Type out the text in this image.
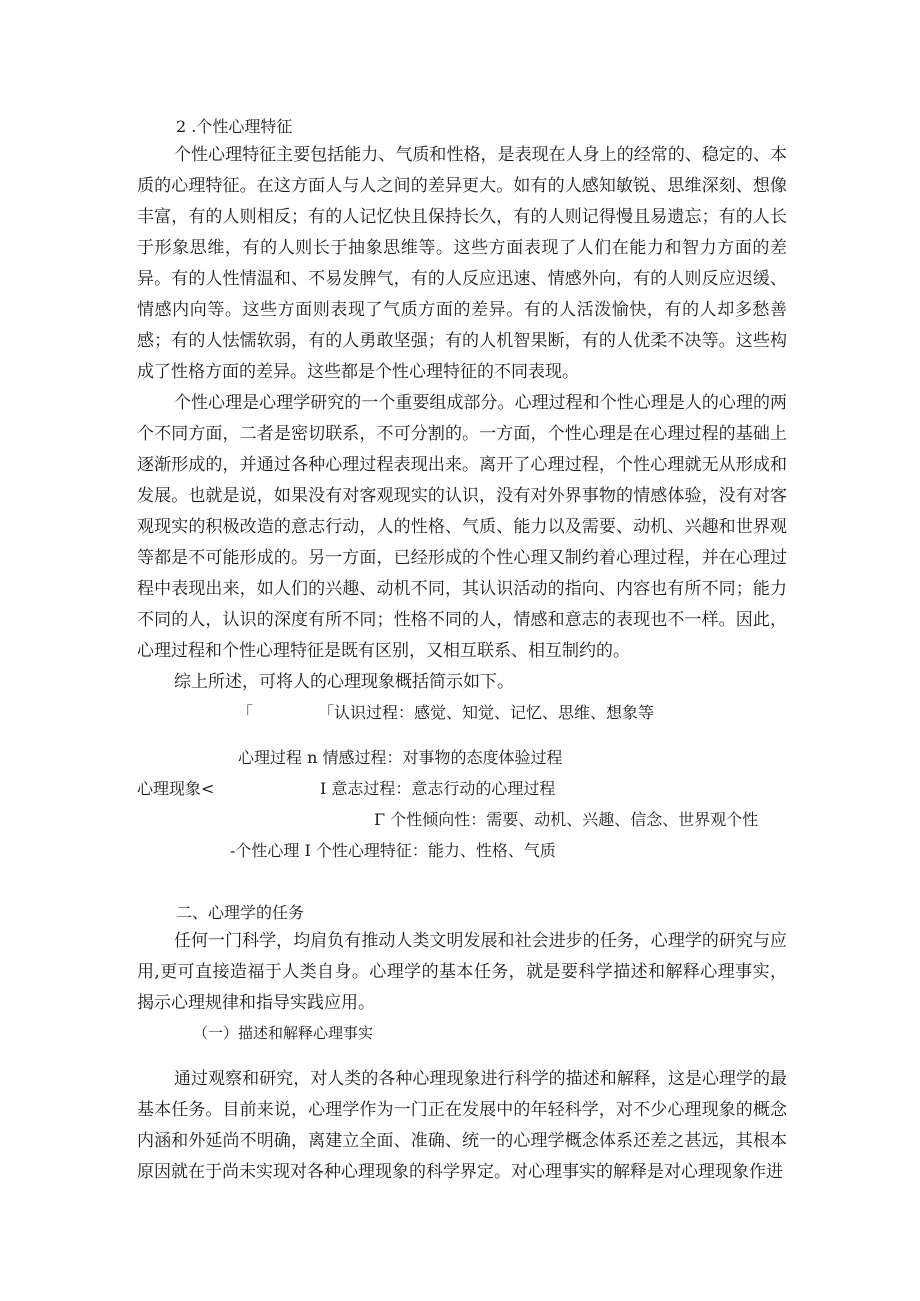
2 .个性心理特征

个性心理特征主要包括能力、气质和性格，是表现在人身上的经常的、稳定的、本质的心理特征。在这方面人与人之间的差异更大。如有的人感知敏锐、思维深刻、想像丰富，有的人则相反；有的人记忆快且保持长久，有的人则记得慢且易遗忘；有的人长于形象思维，有的人则长于抽象思维等。这些方面表现了人们在能力和智力方面的差异。有的人性情温和、不易发脾气，有的人反应迅速、情感外向，有的人则反应迟缓、情感内向等。这些方面则表现了气质方面的差异。有的人活泼愉快，有的人却多愁善感；有的人怯懦软弱，有的人勇敢坚强；有的人机智果断，有的人优柔不决等。这些构成了性格方面的差异。这些都是个性心理特征的不同表现。

个性心理是心理学研究的一个重要组成部分。心理过程和个性心理是人的心理的两个不同方面，二者是密切联系，不可分割的。一方面，个性心理是在心理过程的基础上逐渐形成的，并通过各种心理过程表现出来。离开了心理过程，个性心理就无从形成和发展。也就是说，如果没有对客观现实的认识，没有对外界事物的情感体验，没有对客观现实的积极改造的意志行动，人的性格、气质、能力以及需要、动机、兴趣和世界观等都是不可能形成的。另一方面，已经形成的个性心理又制约着心理过程，并在心理过程中表现出来，如人们的兴趣、动机不同，其认识活动的指向、内容也有所不同；能力不同的人，认识的深度有所不同；性格不同的人，情感和意志的表现也不一样。因此，心理过程和个性心理特征是既有区别，又相互联系、相互制约的。

综上所述，可将人的心理现象概括简示如下。

「	「认识过程：感觉、知觉、记忆、思维、想象等
心理过程 n 情感过程：对事物的态度体验过程
心理现象<	I 意志过程：意志行动的心理过程
Γ 个性倾向性：需要、动机、兴趣、信念、世界观个性
-个性心理 I 个性心理特征：能力、性格、气质
二、心理学的任务

任何一门科学，均肩负有推动人类文明发展和社会进步的任务，心理学的研究与应用,更可直接造福于人类自身。心理学的基本任务，就是要科学描述和解释心理事实，揭示心理规律和指导实践应用。

（一）描述和解释心理事实

通过观察和研究，对人类的各种心理现象进行科学的描述和解释，这是心理学的最基本任务。目前来说，心理学作为一门正在发展中的年轻科学，对不少心理现象的概念内涵和外延尚不明确，离建立全面、准确、统一的心理学概念体系还差之甚远，其根本原因就在于尚未实现对各种心理现象的科学界定。对心理事实的解释是对心理现象作进
